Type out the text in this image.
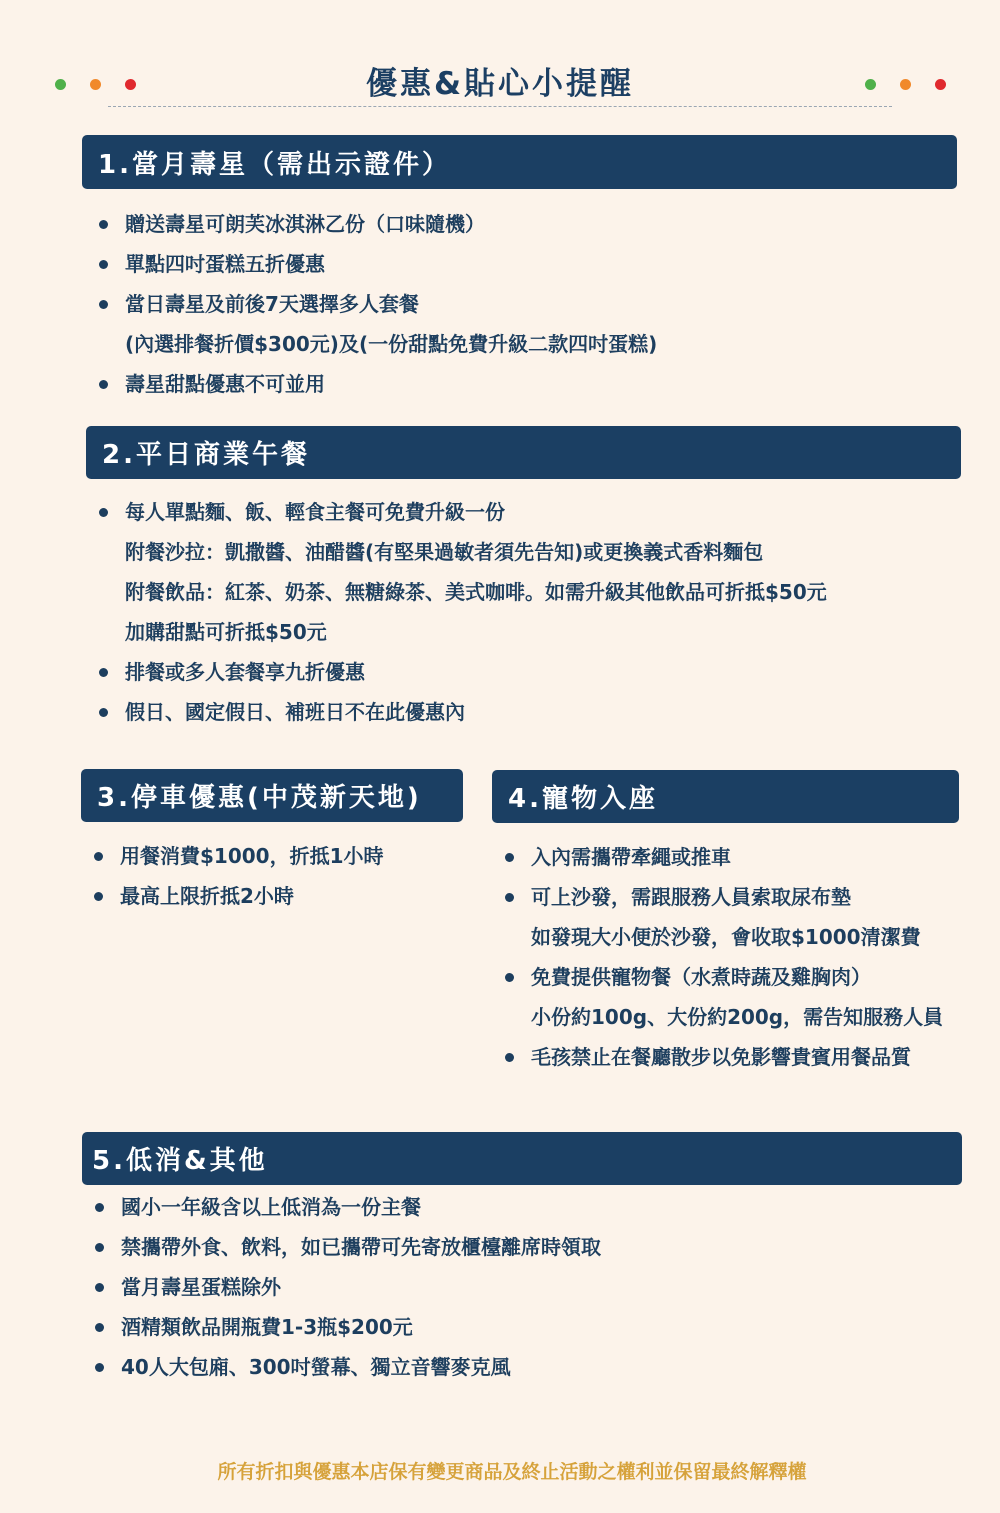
優惠&貼心小提醒
1.當月壽星（需出示證件）
贈送壽星可朗芙冰淇淋乙份（口味隨機）
單點四吋蛋糕五折優惠
當日壽星及前後7天選擇多人套餐
(內選排餐折價$300元)及(一份甜點免費升級二款四吋蛋糕)
壽星甜點優惠不可並用
2.平日商業午餐
每人單點麵、飯、輕食主餐可免費升級一份
附餐沙拉：凱撒醬、油醋醬(有堅果過敏者須先告知)或更換義式香料麵包
附餐飲品：紅茶、奶茶、無糖綠茶、美式咖啡。如需升級其他飲品可折抵$50元
加購甜點可折抵$50元
排餐或多人套餐享九折優惠
假日、國定假日、補班日不在此優惠內
3.停車優惠(中茂新天地)
用餐消費$1000，折抵1小時
最高上限折抵2小時
4.寵物入座
入內需攜帶牽繩或推車
可上沙發，需跟服務人員索取尿布墊
如發現大小便於沙發，會收取$1000清潔費
免費提供寵物餐（水煮時蔬及雞胸肉）
小份約100g、大份約200g，需告知服務人員
毛孩禁止在餐廳散步以免影響貴賓用餐品質
5.低消&其他
國小一年級含以上低消為一份主餐
禁攜帶外食、飲料，如已攜帶可先寄放櫃檯離席時領取
當月壽星蛋糕除外
酒精類飲品開瓶費1-3瓶$200元
40人大包廂、300吋螢幕、獨立音響麥克風
所有折扣與優惠本店保有變更商品及終止活動之權利並保留最終解釋權
